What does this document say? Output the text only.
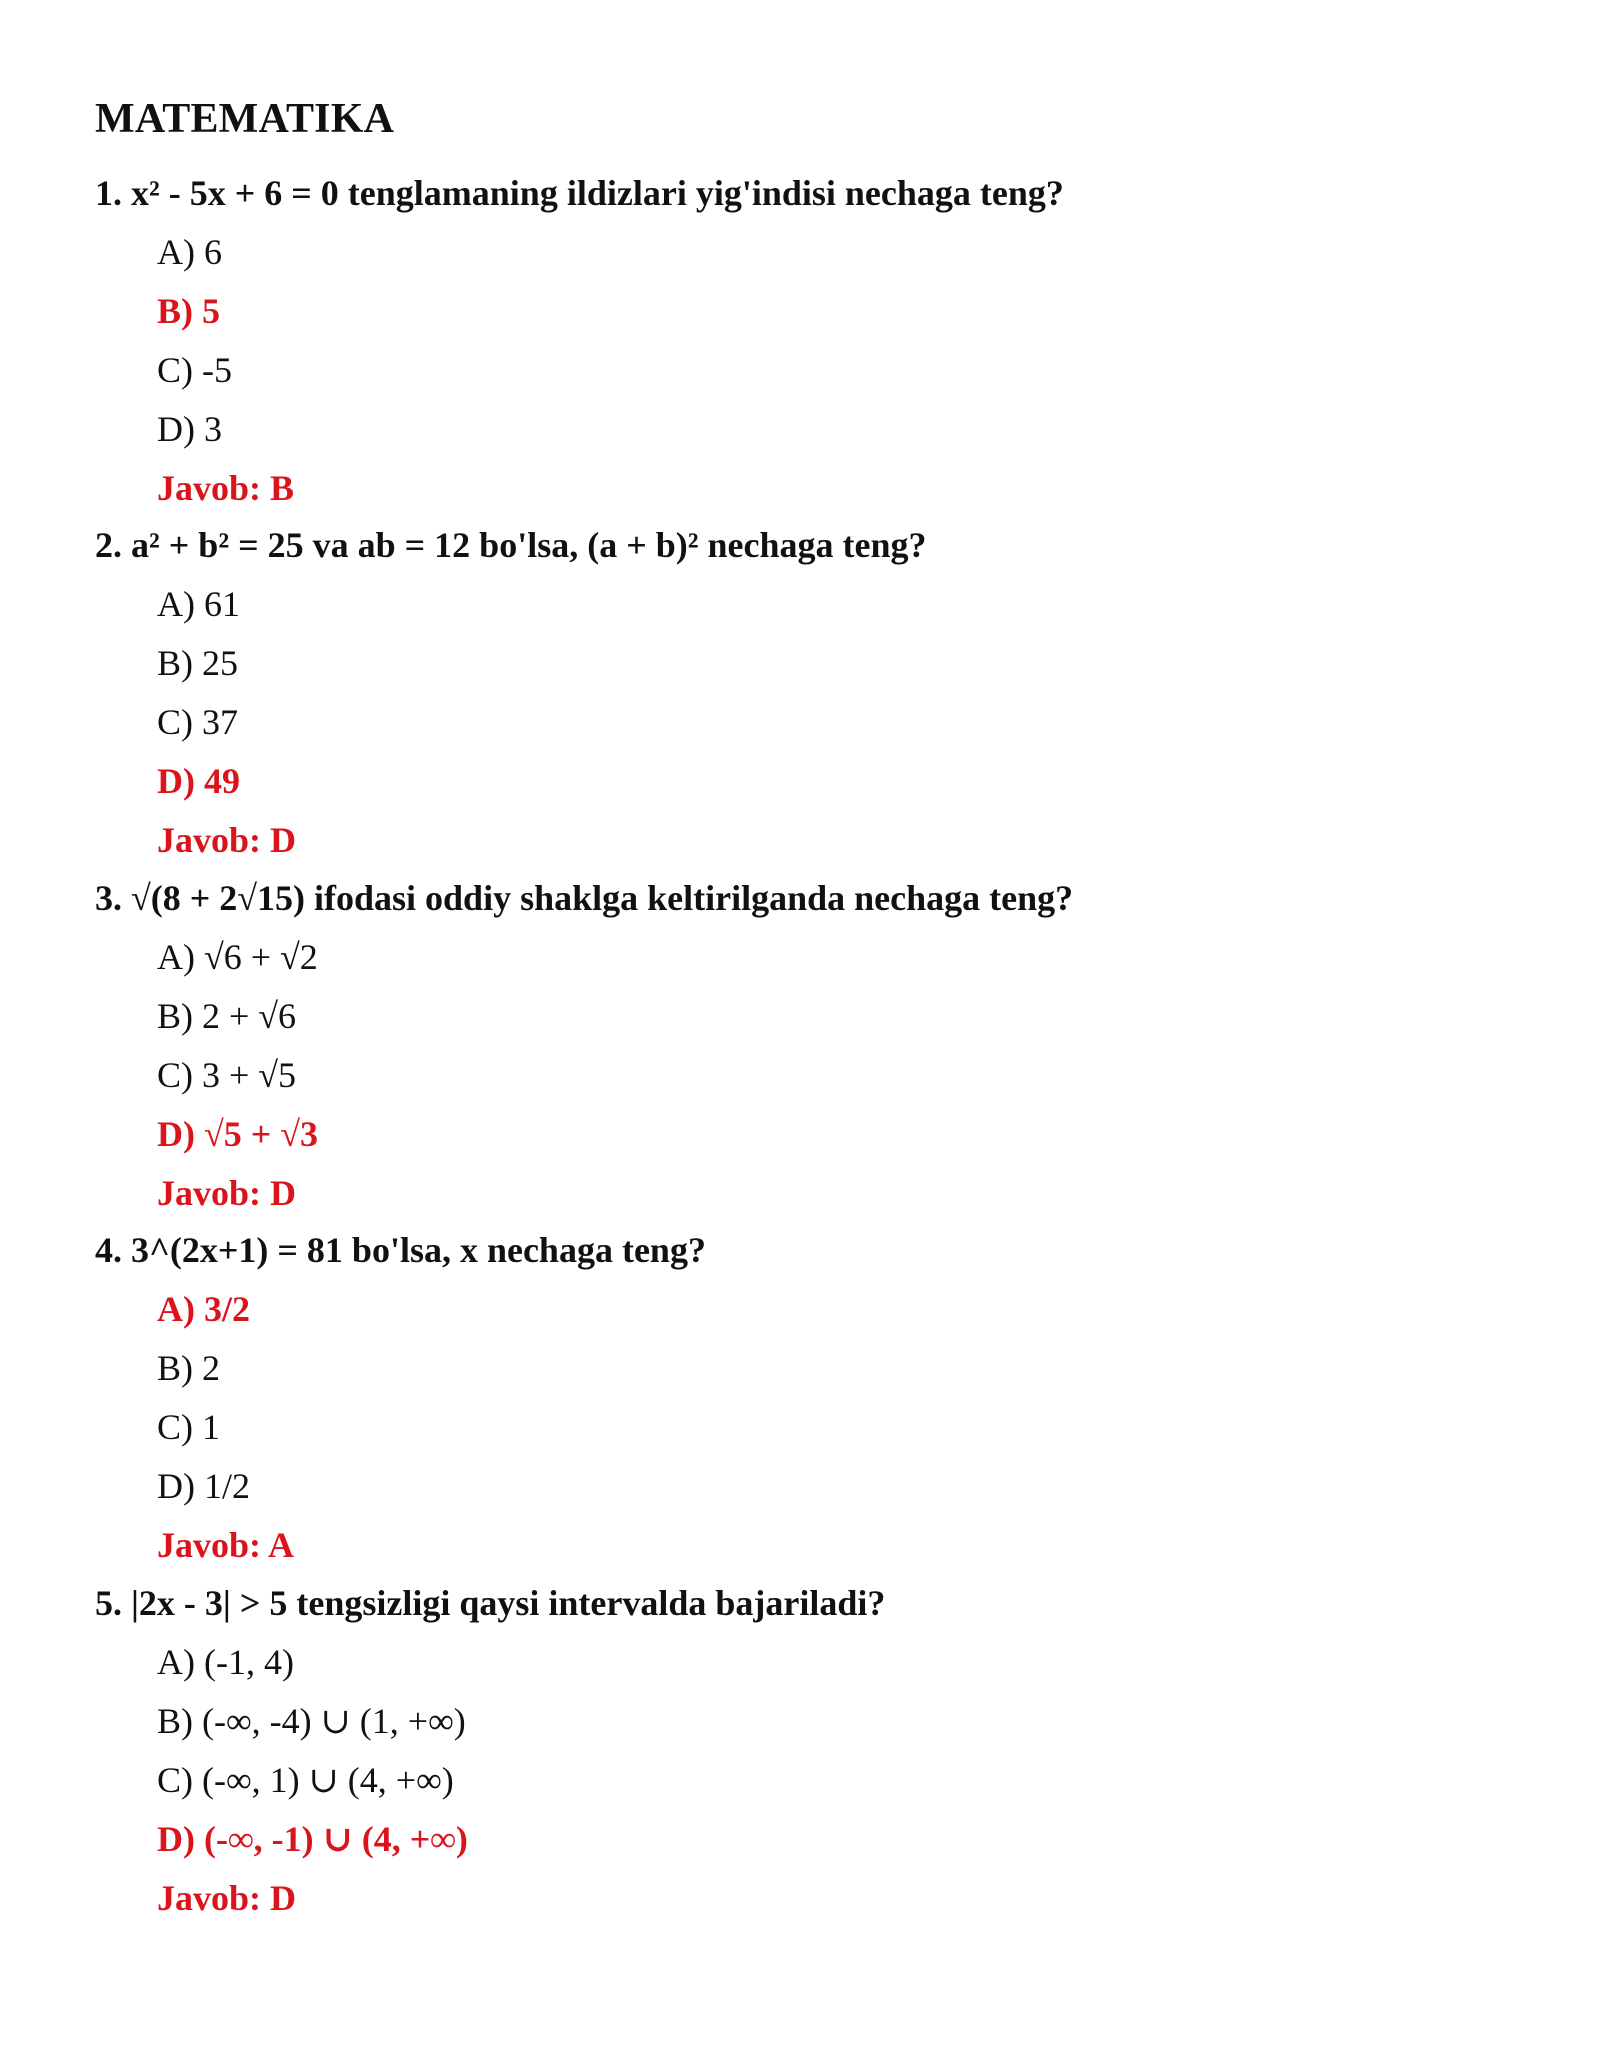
MATEMATIKA
1. x² - 5x + 6 = 0 tenglamaning ildizlari yig'indisi nechaga teng?
A) 6
B) 5
C) -5
D) 3
Javob: B
2. a² + b² = 25 va ab = 12 bo'lsa, (a + b)² nechaga teng?
A) 61
B) 25
C) 37
D) 49
Javob: D
3. √(8 + 2√15) ifodasi oddiy shaklga keltirilganda nechaga teng?
A) √6 + √2
B) 2 + √6
C) 3 + √5
D) √5 + √3
Javob: D
4. 3^(2x+1) = 81 bo'lsa, x nechaga teng?
A) 3/2
B) 2
C) 1
D) 1/2
Javob: A
5. |2x - 3| > 5 tengsizligi qaysi intervalda bajariladi?
A) (-1, 4)
B) (-∞, -4) ∪ (1, +∞)
C) (-∞, 1) ∪ (4, +∞)
D) (-∞, -1) ∪ (4, +∞)
Javob: D
